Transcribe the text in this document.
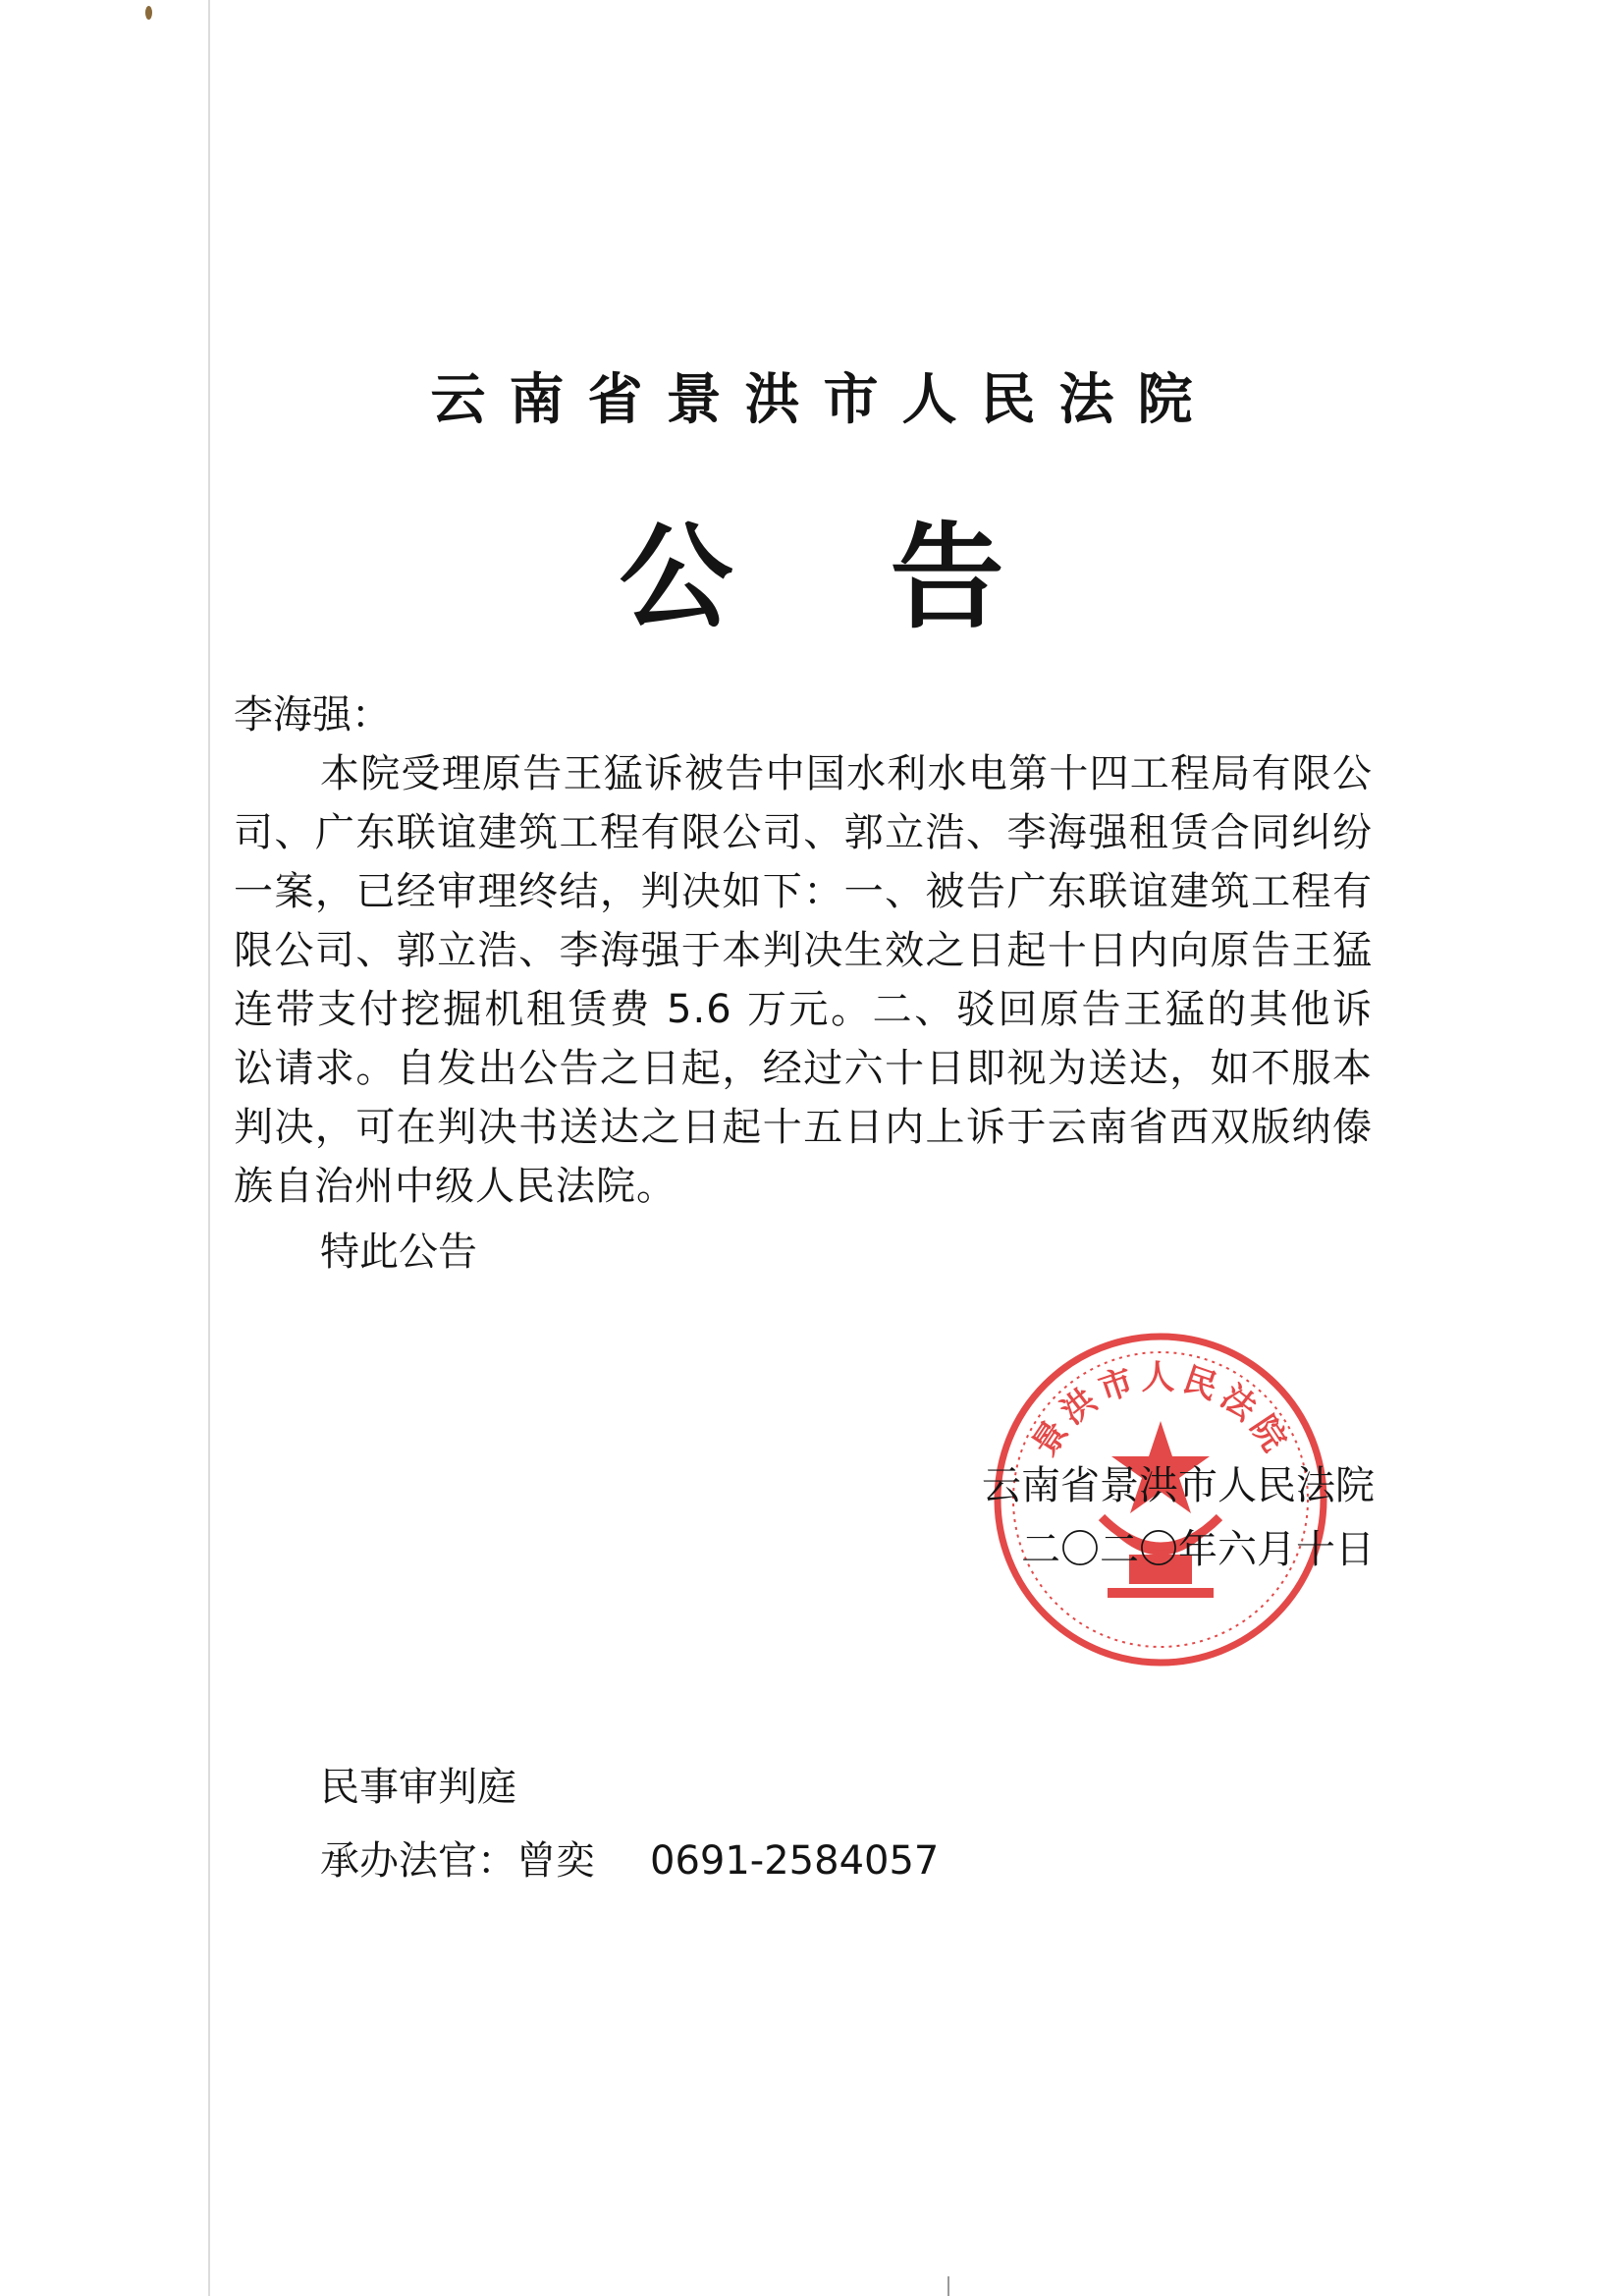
云南省景洪市人民法院
公告
李海强：
本院受理原告王猛诉被告中国水利水电第十四工程局有限公司、广东联谊建筑工程有限公司、郭立浩、李海强租赁合同纠纷一案，已经审理终结，判决如下：一、被告广东联谊建筑工程有限公司、郭立浩、李海强于本判决生效之日起十日内向原告王猛连带支付挖掘机租赁费 5.6 万元。二、驳回原告王猛的其他诉讼请求。自发出公告之日起，经过六十日即视为送达，如不服本判决，可在判决书送达之日起十五日内上诉于云南省西双版纳傣族自治州中级人民法院。
特此公告
景洪市人民法院
云南省景洪市人民法院
二〇二〇年六月十日
民事审判庭
承办法官：曾奕 0691-2584057
